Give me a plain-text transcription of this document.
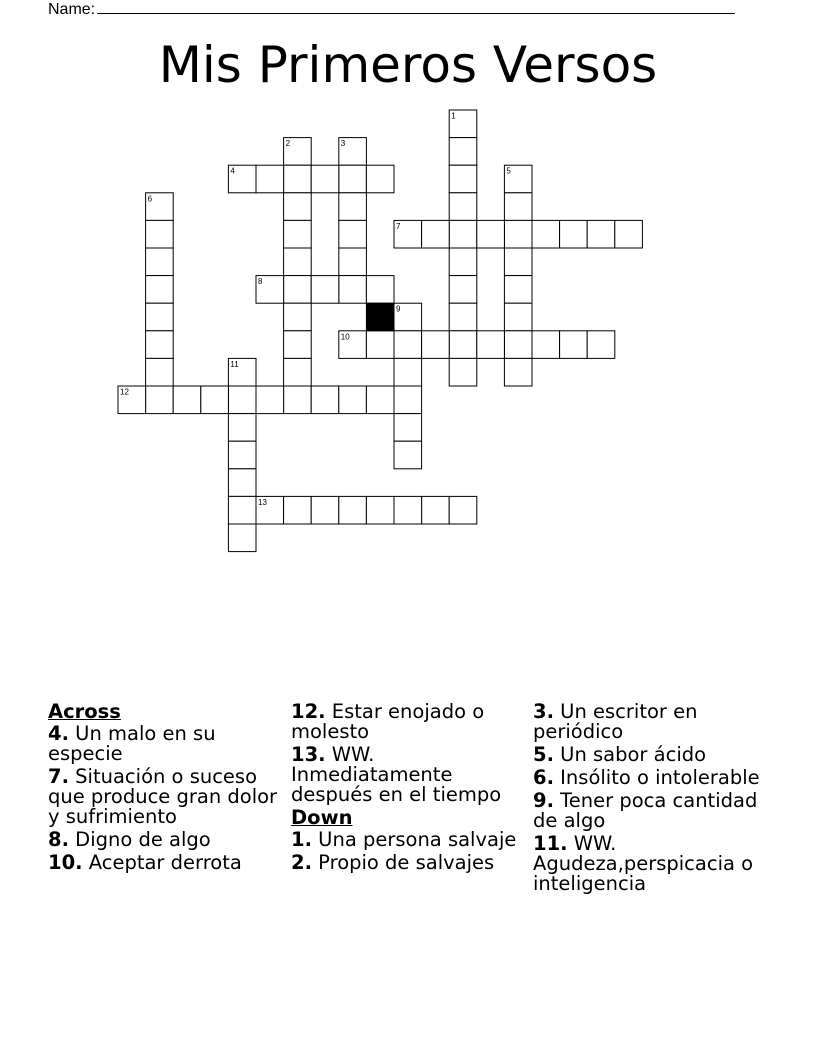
Name:
Mis Primeros Versos
1
2	3
4	5
6
7
8
9
10
11
12
13
Across
4. Un malo en su especie
7. Situación o suceso que produce gran dolor y sufrimiento
8. Digno de algo
10. Aceptar derrota
12. Estar enojado o molesto
13. WW. Inmediatamente después en el tiempo
Down
1. Una persona salvaje
2. Propio de salvajes
3. Un escritor en periódico
5. Un sabor ácido
6. Insólito o intolerable
9. Tener poca cantidad de algo
11. WW. Agudeza,perspicacia o inteligencia
